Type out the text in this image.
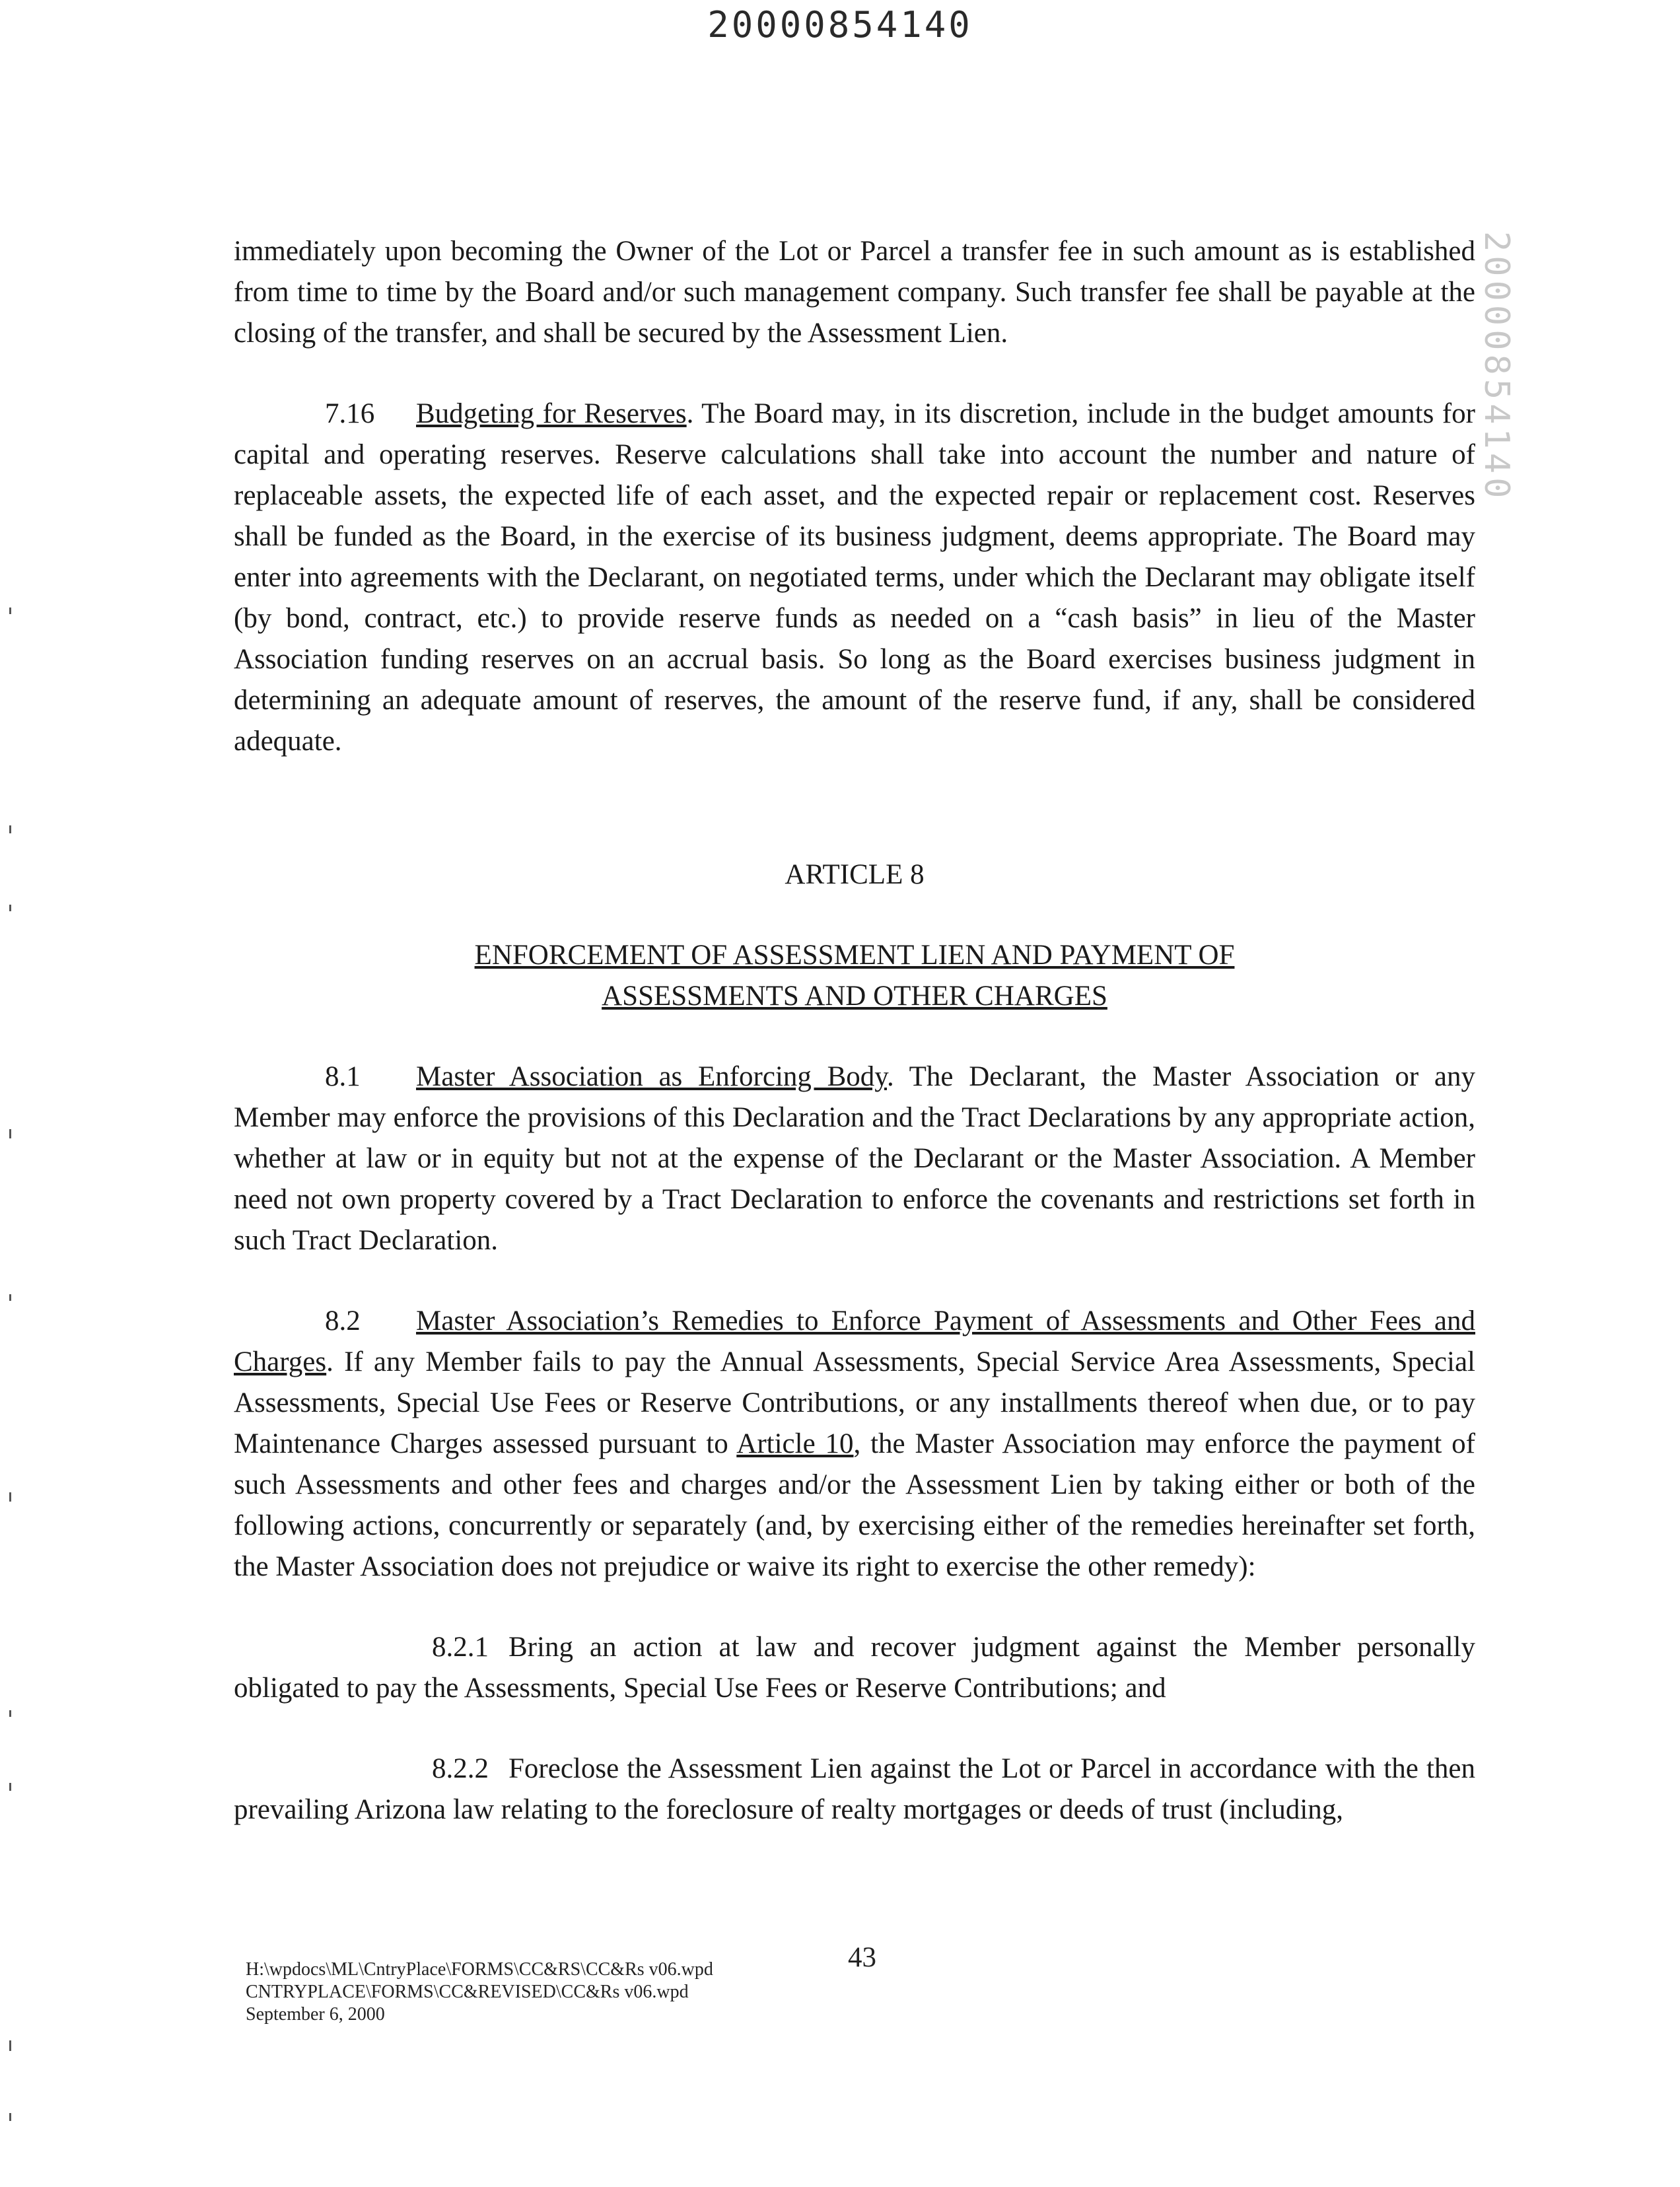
20000854140
20000854140

immediately upon becoming the Owner of the Lot or Parcel a transfer fee in such amount as is established from time to time by the Board and/or such management company. Such transfer fee shall be payable at the closing of the transfer, and shall be secured by the Assessment Lien.

7.16 Budgeting for Reserves. The Board may, in its discretion, include in the budget amounts for capital and operating reserves. Reserve calculations shall take into account the number and nature of replaceable assets, the expected life of each asset, and the expected repair or replacement cost. Reserves shall be funded as the Board, in the exercise of its business judgment, deems appropriate. The Board may enter into agreements with the Declarant, on negotiated terms, under which the Declarant may obligate itself (by bond, contract, etc.) to provide reserve funds as needed on a “cash basis” in lieu of the Master Association funding reserves on an accrual basis. So long as the Board exercises business judgment in determining an adequate amount of reserves, the amount of the reserve fund, if any, shall be considered adequate.

ARTICLE 8

ENFORCEMENT OF ASSESSMENT LIEN AND PAYMENT OF
ASSESSMENTS AND OTHER CHARGES

8.1 Master Association as Enforcing Body. The Declarant, the Master Association or any Member may enforce the provisions of this Declaration and the Tract Declarations by any appropriate action, whether at law or in equity but not at the expense of the Declarant or the Master Association. A Member need not own property covered by a Tract Declaration to enforce the covenants and restrictions set forth in such Tract Declaration.

8.2 Master Association’s Remedies to Enforce Payment of Assessments and Other Fees and Charges. If any Member fails to pay the Annual Assessments, Special Service Area Assessments, Special Assessments, Special Use Fees or Reserve Contributions, or any installments thereof when due, or to pay Maintenance Charges assessed pursuant to Article 10, the Master Association may enforce the payment of such Assessments and other fees and charges and/or the Assessment Lien by taking either or both of the following actions, concurrently or separately (and, by exercising either of the remedies hereinafter set forth, the Master Association does not prejudice or waive its right to exercise the other remedy):

8.2.1 Bring an action at law and recover judgment against the Member personally obligated to pay the Assessments, Special Use Fees or Reserve Contributions; and

8.2.2 Foreclose the Assessment Lien against the Lot or Parcel in accordance with the then prevailing Arizona law relating to the foreclosure of realty mortgages or deeds of trust (including,

H:\wpdocs\ML\CntryPlace\FORMS\CC&RS\CC&Rs v06.wpd
CNTRYPLACE\FORMS\CC&REVISED\CC&Rs v06.wpd
September 6, 2000
43
